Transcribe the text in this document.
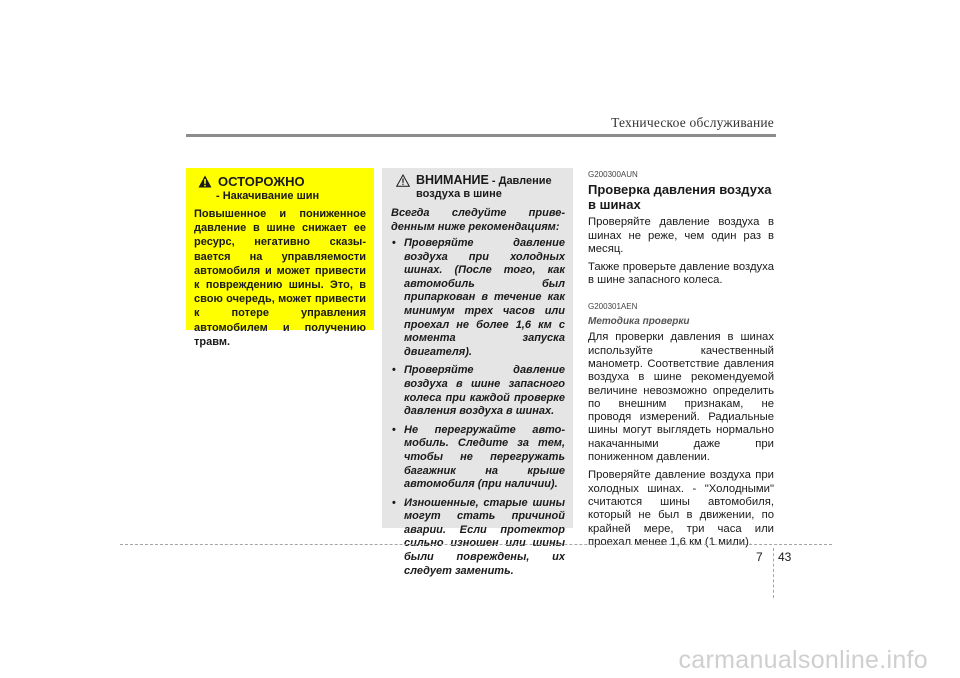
Техническое обслуживание
ОСТОРОЖНО
- Накачивание шин
Повышенное и пониженное давление в шине снижает ее ресурс, негативно сказы- вается на управляемости автомобиля и может привести к повреждению шины. Это, в свою очередь, может привести к потере управления автомобилем и получению травм.
ВНИМАНИЕ - Давление
воздуха в шине
Всегда следуйте приве- денным ниже рекомендациям:
• Проверяйте давление воздуха при холодных шинах. (После того, как автомобиль был припаркован в течение как минимум трех часов или проехал не более 1,6 км с момента запуска двигателя).
• Проверяйте давление воздуха в шине запасного колеса при каждой проверке давления воздуха в шинах.
• Не перегружайте авто- мобиль. Следите за тем, чтобы не перегружать багажник на крыше автомобиля (при наличии).
• Изношенные, старые шины могут стать причиной аварии. Если протектор сильно изношен или шины были повреждены, их следует заменить.
G200300AUN
Проверка давления воздуха в шинах
Проверяйте давление воздуха в шинах не реже, чем один раз в месяц.
Также проверьте давление воздуха в шине запасного колеса.
G200301AEN
Методика проверки
Для проверки давления в шинах используйте качественный манометр. Соответствие давления воздуха в шине рекомендуемой величине невозможно определить по внешним признакам, не проводя измерений. Радиальные шины могут выглядеть нормально накачанными даже при пониженном давлении.
Проверяйте давление воздуха при холодных шинах. - "Холодными" считаются шины автомобиля, который не был в движении, по крайней мере, три часа или проехал менее 1,6 км (1 мили).
7 43
carmanualsonline.info
